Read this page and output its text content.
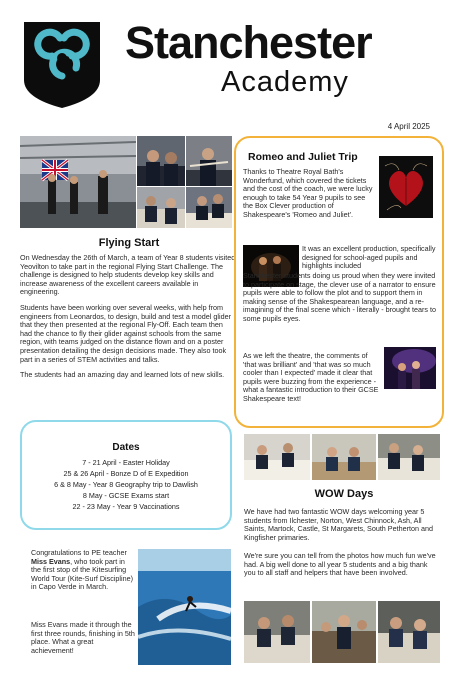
Stanchester
Academy
4 April 2025
Flying Start

On Wednesday the 26th of March, a team of Year 8 students visited Yeovilton to take part in the regional Flying Start Challenge. The challenge is designed to help students develop key skills and increase awareness of the excellent careers available in engineering.

Students have been working over several weeks, with help from engineers from Leonardos, to design, build and test a model glider that they then presented at the regional Fly-Off. Each team then had the chance to fly their glider against schools from the same region, with teams judged on the distance flown and on a poster presentation detailing the design decisions made. They also took part in a series of STEM activities and talks.

The students had an amazing day and learned lots of new skills.

Romeo and Juliet Trip

Thanks to Theatre Royal Bath's Wonderfund, which covered the tickets and the cost of the coach, we were lucky enough to take 54 Year 9 pupils to see the Box Clever production of Shakespeare's 'Romeo and Juliet'.

It was an excellent production, specifically designed for school-aged pupils and highlights included

Stanchester students doing us proud when they were invited to participate on stage, the clever use of a narrator to ensure pupils were able to follow the plot and to support them in making sense of the Shakespearean language, and a re-imagining of the final scene which - literally - brought tears to some pupils eyes.

As we left the theatre, the comments of 'that was brilliant' and 'that was so much cooler than I expected' made it clear that pupils were buzzing from the experience - what a fantastic introduction to their GCSE Shakespeare text!

Dates
7 - 21 April - Easter Holiday
25 & 26 April - Bonze D of E Expedition
6 & 8 May - Year 8 Geography trip to Dawlish
8 May - GCSE Exams start
22 - 23 May - Year 9 Vaccinations

Congratulations to PE teacher Miss Evans, who took part in the first stop of the Kitesurfing World Tour (Kite-Surf Discipline) in Capo Verde in March.

Miss Evans made it through the first three rounds, finishing in 5th place. What a great achievement!

WOW Days

We have had two fantastic WOW days welcoming year 5 students from Ilchester, Norton, West Chinnock, Ash, All Saints, Martock, Castle, St Margarets, South Petherton and Kingfisher primaries.

We're sure you can tell from the photos how much fun we've had. A big well done to all year 5 students and a big thank you to all staff and helpers that have been involved.
